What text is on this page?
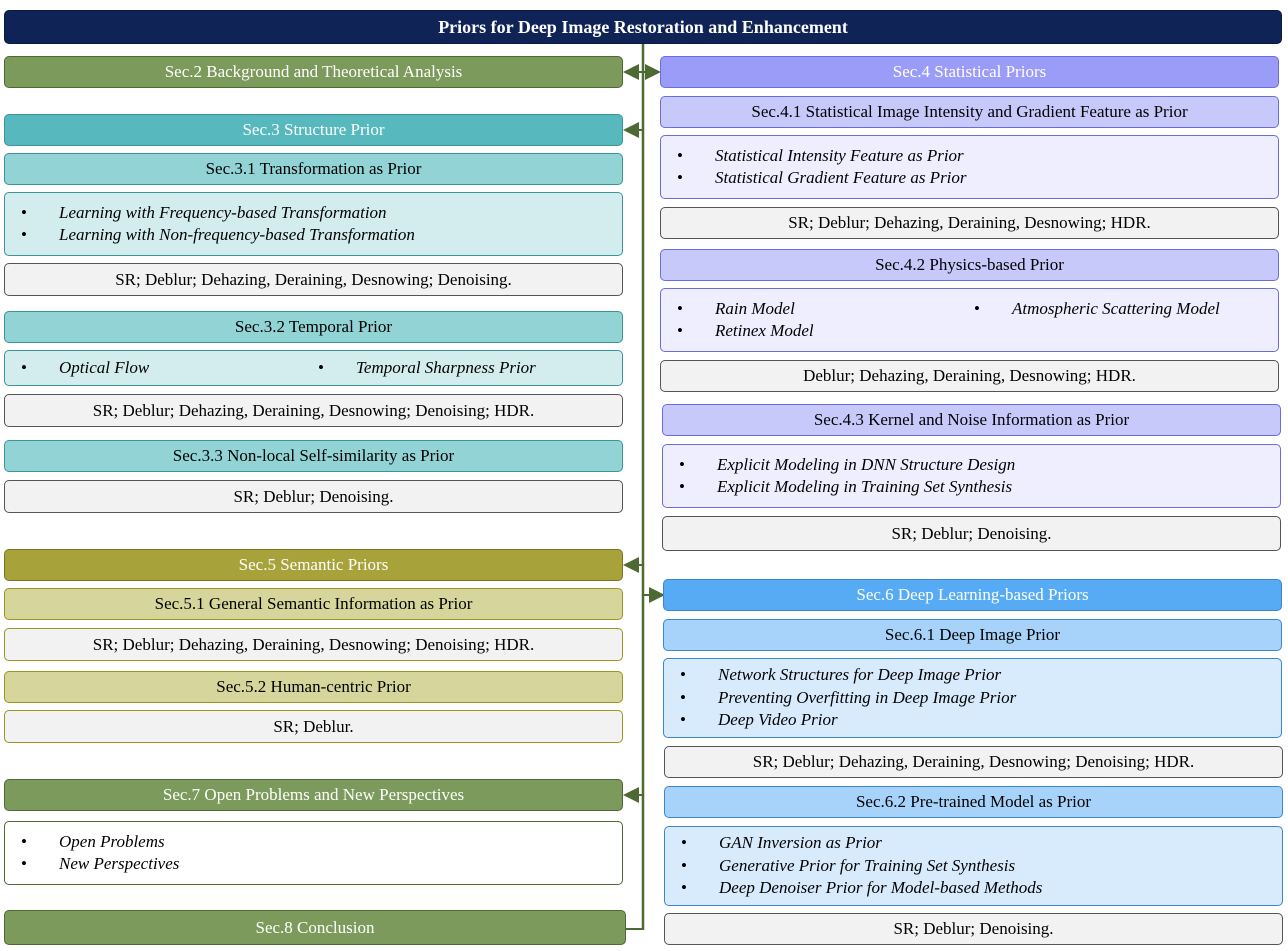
Priors for Deep Image Restoration and Enhancement
Sec.2 Background and Theoretical Analysis
Sec.3 Structure Prior
Sec.3.1 Transformation as Prior
•	Learning with Frequency-based Transformation
•	Learning with Non-frequency-based Transformation
SR; Deblur; Dehazing, Deraining, Desnowing; Denoising.
Sec.3.2 Temporal Prior
•	Optical Flow	•	Temporal Sharpness Prior
SR; Deblur; Dehazing, Deraining, Desnowing; Denoising; HDR.
Sec.3.3 Non-local Self-similarity as Prior
SR; Deblur; Denoising.
Sec.5 Semantic Priors
Sec.5.1 General Semantic Information as Prior
SR; Deblur; Dehazing, Deraining, Desnowing; Denoising; HDR.
Sec.5.2 Human-centric Prior
SR; Deblur.
Sec.7 Open Problems and New Perspectives
•	Open Problems
•	New Perspectives
Sec.8 Conclusion
Sec.4 Statistical Priors
Sec.4.1 Statistical Image Intensity and Gradient Feature as Prior
•	Statistical Intensity Feature as Prior
•	Statistical Gradient Feature as Prior
SR; Deblur; Dehazing, Deraining, Desnowing; HDR.
Sec.4.2 Physics-based Prior
•	Rain Model	•	Atmospheric Scattering Model
•	Retinex Model
Deblur; Dehazing, Deraining, Desnowing; HDR.
Sec.4.3 Kernel and Noise Information as Prior
•	Explicit Modeling in DNN Structure Design
•	Explicit Modeling in Training Set Synthesis
SR; Deblur; Denoising.
Sec.6 Deep Learning-based Priors
Sec.6.1 Deep Image Prior
•	Network Structures for Deep Image Prior
•	Preventing Overfitting in Deep Image Prior
•	Deep Video Prior
SR; Deblur; Dehazing, Deraining, Desnowing; Denoising; HDR.
Sec.6.2 Pre-trained Model as Prior
•	GAN Inversion as Prior
•	Generative Prior for Training Set Synthesis
•	Deep Denoiser Prior for Model-based Methods
SR; Deblur; Denoising.
